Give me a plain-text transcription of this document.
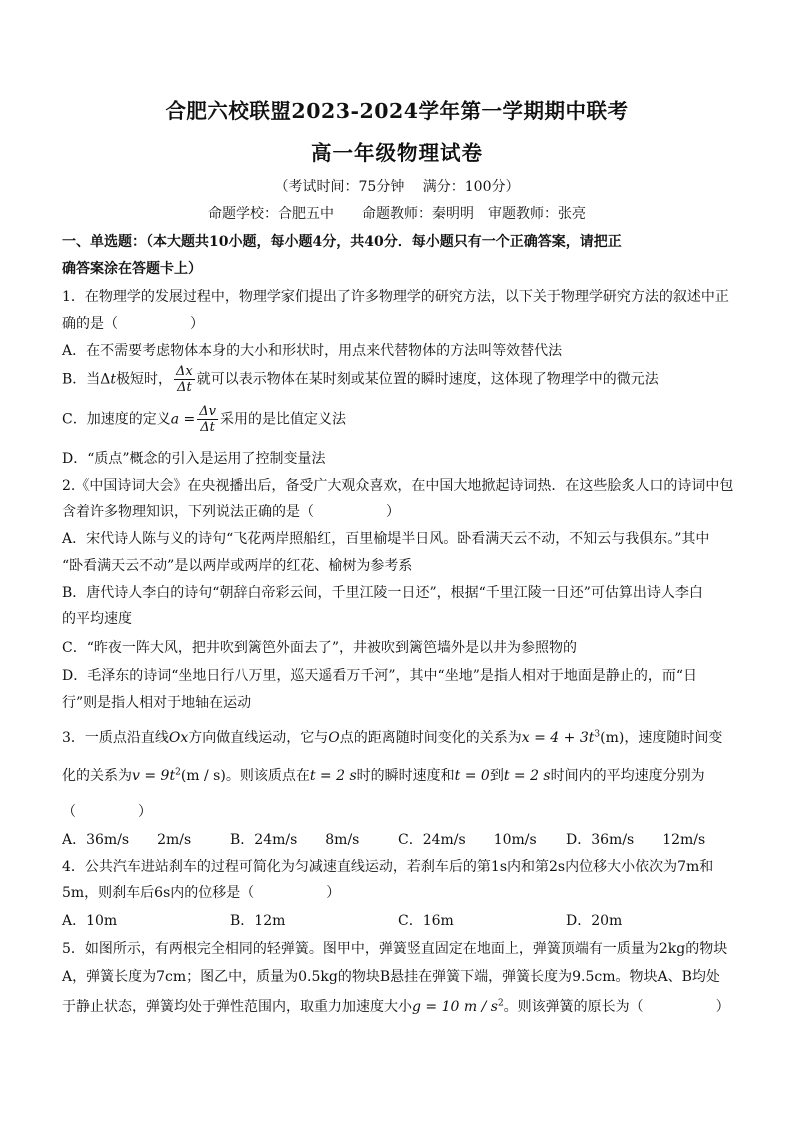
合肥六校联盟2023-2024学年第一学期期中联考
高一年级物理试卷
（考试时间：75分钟　 满分：100分）
命题学校：合肥五中　　命题教师：秦明明　审题教师：张亮
一、单选题：（本大题共10小题，每小题4分，共40分．每小题只有一个正确答案，请把正
确答案涂在答题卡上）
1．在物理学的发展过程中，物理学家们提出了许多物理学的研究方法，以下关于物理学研究方法的叙述中正
确的是（	）
A．在不需要考虑物体本身的大小和形状时，用点来代替物体的方法叫等效替代法
B．当Δt极短时， $\frac{\Delta x}{\Delta t}$ 就可以表示物体在某时刻或某位置的瞬时速度，这体现了物理学中的微元法
C．加速度的定义$a = \frac{\Delta v}{\Delta t}$ 采用的是比值定义法
D．“质点”概念的引入是运用了控制变量法
2.《中国诗词大会》在央视播出后，备受广大观众喜欢，在中国大地掀起诗词热．在这些脍炙人口的诗词中包
含着许多物理知识，下列说法正确的是（	）
A．宋代诗人陈与义的诗句“飞花两岸照船红，百里榆堤半日风。卧看满天云不动，不知云与我俱东。”其中
“卧看满天云不动”是以两岸或两岸的红花、榆树为参考系
B．唐代诗人李白的诗句“朝辞白帝彩云间，千里江陵一日还”，根据“千里江陵一日还”可估算出诗人李白
的平均速度
C．“昨夜一阵大风，把井吹到篱笆外面去了”，井被吹到篱笆墙外是以井为参照物的
D．毛泽东的诗词“坐地日行八万里，巡天遥看万千河”，其中“坐地”是指人相对于地面是静止的，而“日
行”则是指人相对于地轴在运动
3．一质点沿直线Ox方向做直线运动，它与O点的距离随时间变化的关系为$x = 4 + 3t^3(m)$，速度随时间变
化的关系为$v = 9t^2(m / s)$。则该质点在t = 2 s时的瞬时速度和t = 0到t = 2 s时间内的平均速度分别为
（	）
A．36m/s　　2m/s	B．24m/s　　8m/s	C．24m/s　　10m/s D．36m/s　　12m/s
4．公共汽车进站刹车的过程可简化为匀减速直线运动，若刹车后的第1s内和第2s内位移大小依次为7m和
5m，则刹车后6s内的位移是（	）
A．10m	B．12m	C．16m	D．20m
5．如图所示，有两根完全相同的轻弹簧。图甲中，弹簧竖直固定在地面上，弹簧顶端有一质量为2kg的物块
A，弹簧长度为7cm；图乙中，质量为0.5kg的物块B悬挂在弹簧下端，弹簧长度为9.5cm。物块A、B均处
于静止状态，弹簧均处于弹性范围内，取重力加速度大小g = 10 m / $s^2$。则该弹簧的原长为（	）
